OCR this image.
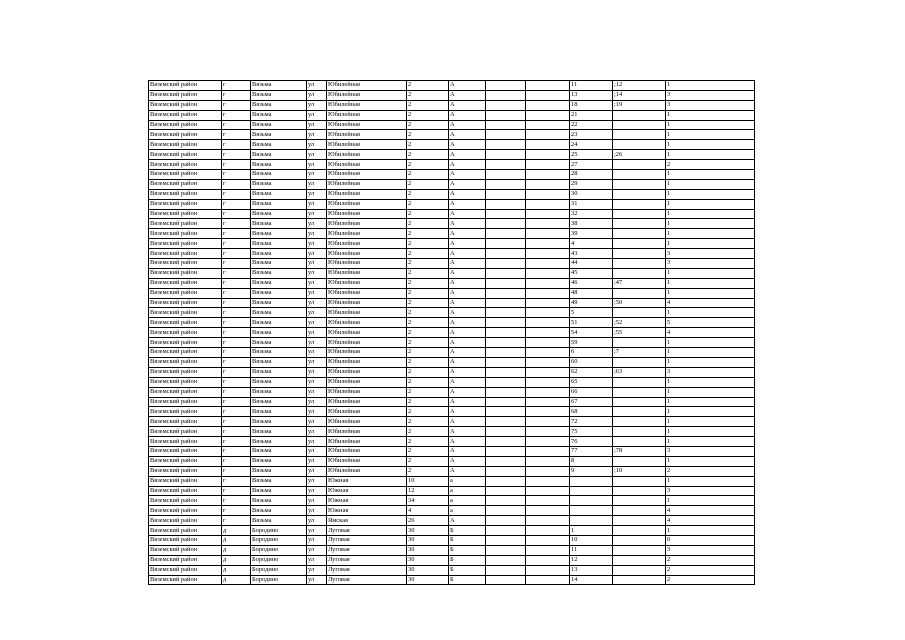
Вяземский район	г	Вязьма	ул	Юбилейная	2	А			11	;12	1
Вяземский район	г	Вязьма	ул	Юбилейная	2	А			13	;14	3
Вяземский район	г	Вязьма	ул	Юбилейная	2	А			18	;19	3
Вяземский район	г	Вязьма	ул	Юбилейная	2	А			21		1
Вяземский район	г	Вязьма	ул	Юбилейная	2	А			22		1
Вяземский район	г	Вязьма	ул	Юбилейная	2	А			23		1
Вяземский район	г	Вязьма	ул	Юбилейная	2	А			24		1
Вяземский район	г	Вязьма	ул	Юбилейная	2	А			25	;26	1
Вяземский район	г	Вязьма	ул	Юбилейная	2	А			27		2
Вяземский район	г	Вязьма	ул	Юбилейная	2	А			28		1
Вяземский район	г	Вязьма	ул	Юбилейная	2	А			29		1
Вяземский район	г	Вязьма	ул	Юбилейная	2	А			30		1
Вяземский район	г	Вязьма	ул	Юбилейная	2	А			31		1
Вяземский район	г	Вязьма	ул	Юбилейная	2	А			32		1
Вяземский район	г	Вязьма	ул	Юбилейная	2	А			38		1
Вяземский район	г	Вязьма	ул	Юбилейная	2	А			39		1
Вяземский район	г	Вязьма	ул	Юбилейная	2	А			4		1
Вяземский район	г	Вязьма	ул	Юбилейная	2	А			43		3
Вяземский район	г	Вязьма	ул	Юбилейная	2	А			44		3
Вяземский район	г	Вязьма	ул	Юбилейная	2	А			45		1
Вяземский район	г	Вязьма	ул	Юбилейная	2	А			46	;47	1
Вяземский район	г	Вязьма	ул	Юбилейная	2	А			48		1
Вяземский район	г	Вязьма	ул	Юбилейная	2	А			49	;50	4
Вяземский район	г	Вязьма	ул	Юбилейная	2	А			5		1
Вяземский район	г	Вязьма	ул	Юбилейная	2	А			51	;52	5
Вяземский район	г	Вязьма	ул	Юбилейная	2	А			54	;55	4
Вяземский район	г	Вязьма	ул	Юбилейная	2	А			59		1
Вяземский район	г	Вязьма	ул	Юбилейная	2	А			6	;7	1
Вяземский район	г	Вязьма	ул	Юбилейная	2	А			60		1
Вяземский район	г	Вязьма	ул	Юбилейная	2	А			62	;63	3
Вяземский район	г	Вязьма	ул	Юбилейная	2	А			65		1
Вяземский район	г	Вязьма	ул	Юбилейная	2	А			66		1
Вяземский район	г	Вязьма	ул	Юбилейная	2	А			67		1
Вяземский район	г	Вязьма	ул	Юбилейная	2	А			68		1
Вяземский район	г	Вязьма	ул	Юбилейная	2	А			72		1
Вяземский район	г	Вязьма	ул	Юбилейная	2	А			75		1
Вяземский район	г	Вязьма	ул	Юбилейная	2	А			76		1
Вяземский район	г	Вязьма	ул	Юбилейная	2	А			77	;78	3
Вяземский район	г	Вязьма	ул	Юбилейная	2	А			8		1
Вяземский район	г	Вязьма	ул	Юбилейная	2	А			9	;10	2
Вяземский район	г	Вязьма	ул	Южная	10	а					1
Вяземский район	г	Вязьма	ул	Южная	12	а					3
Вяземский район	г	Вязьма	ул	Южная	34	а					1
Вяземский район	г	Вязьма	ул	Южная	4	а					4
Вяземский район	г	Вязьма	ул	Ямская	26	А					4
Вяземский район	д	Бородино	ул	Луговая	30	Б			1		1
Вяземский район	д	Бородино	ул	Луговая	30	Б			10		0
Вяземский район	д	Бородино	ул	Луговая	30	Б			11		3
Вяземский район	д	Бородино	ул	Луговая	30	Б			12		2
Вяземский район	д	Бородино	ул	Луговая	30	Б			13		2
Вяземский район	д	Бородино	ул	Луговая	30	Б			14		2
